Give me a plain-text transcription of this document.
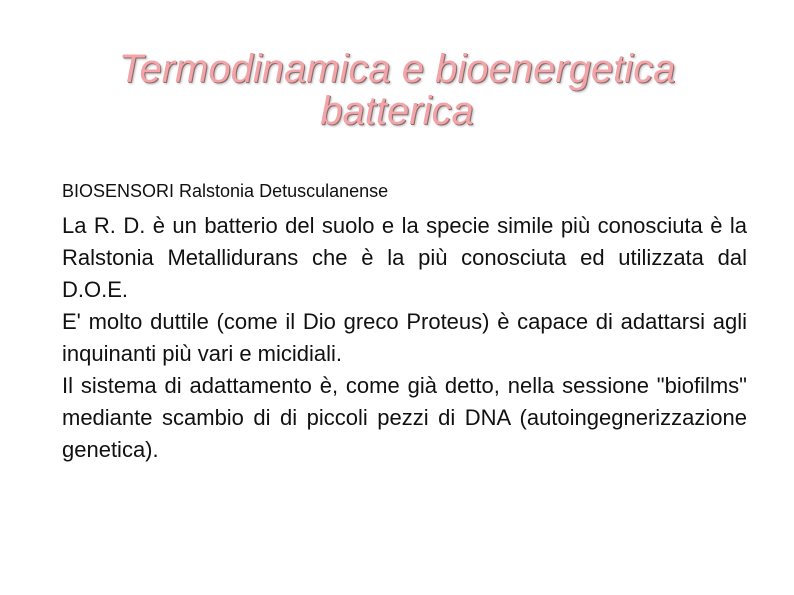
Termodinamica e bioenergetica
batterica
BIOSENSORI Ralstonia Detusculanense

La R. D. è un batterio del suolo e la specie simile più conosciuta è la Ralstonia Metallidurans che è la più conosciuta ed utilizzata dal D.O.E.

E' molto duttile (come il Dio greco Proteus) è capace di adattarsi agli inquinanti più vari e micidiali.

Il sistema di adattamento è, come già detto, nella sessione "biofilms" mediante scambio di di piccoli pezzi di DNA (autoingegnerizzazione genetica).
